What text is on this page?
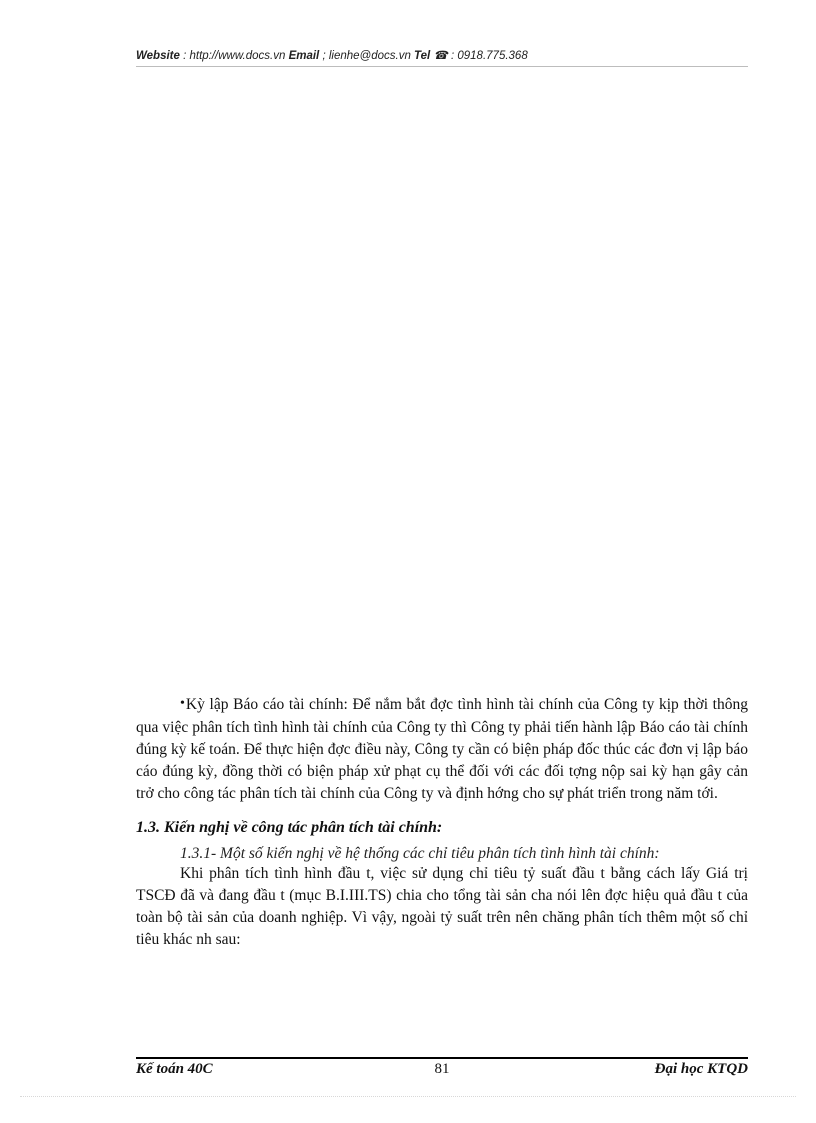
Website : http://www.docs.vn Email ; lienhe@docs.vn Tel ☎ : 0918.775.368

•Kỳ lập Báo cáo tài chính: Để nắm bắt đợc tình hình tài chính của Công ty kịp thời thông qua việc phân tích tình hình tài chính của Công ty thì Công ty phải tiến hành lập Báo cáo tài chính đúng kỳ kế toán. Để thực hiện đợc điều này, Công ty cần có biện pháp đốc thúc các đơn vị lập báo cáo đúng kỳ, đồng thời có biện pháp xử phạt cụ thể đối với các đối tợng nộp sai kỳ hạn gây cản trở cho công tác phân tích tài chính của Công ty và định hớng cho sự phát triển trong năm tới.

1.3. Kiến nghị về công tác phân tích tài chính:

1.3.1- Một số kiến nghị về hệ thống các chỉ tiêu phân tích tình hình tài chính:

Khi phân tích tình hình đầu t, việc sử dụng chỉ tiêu tỷ suất đầu t bằng cách lấy Giá trị TSCĐ đã và đang đầu t (mục B.I.III.TS) chia cho tổng tài sản cha nói lên đợc hiệu quả đầu t của toàn bộ tài sản của doanh nghiệp. Vì vậy, ngoài tỷ suất trên nên chăng phân tích thêm một số chỉ tiêu khác nh sau:

Kế toán 40C	81	Đại học KTQD
